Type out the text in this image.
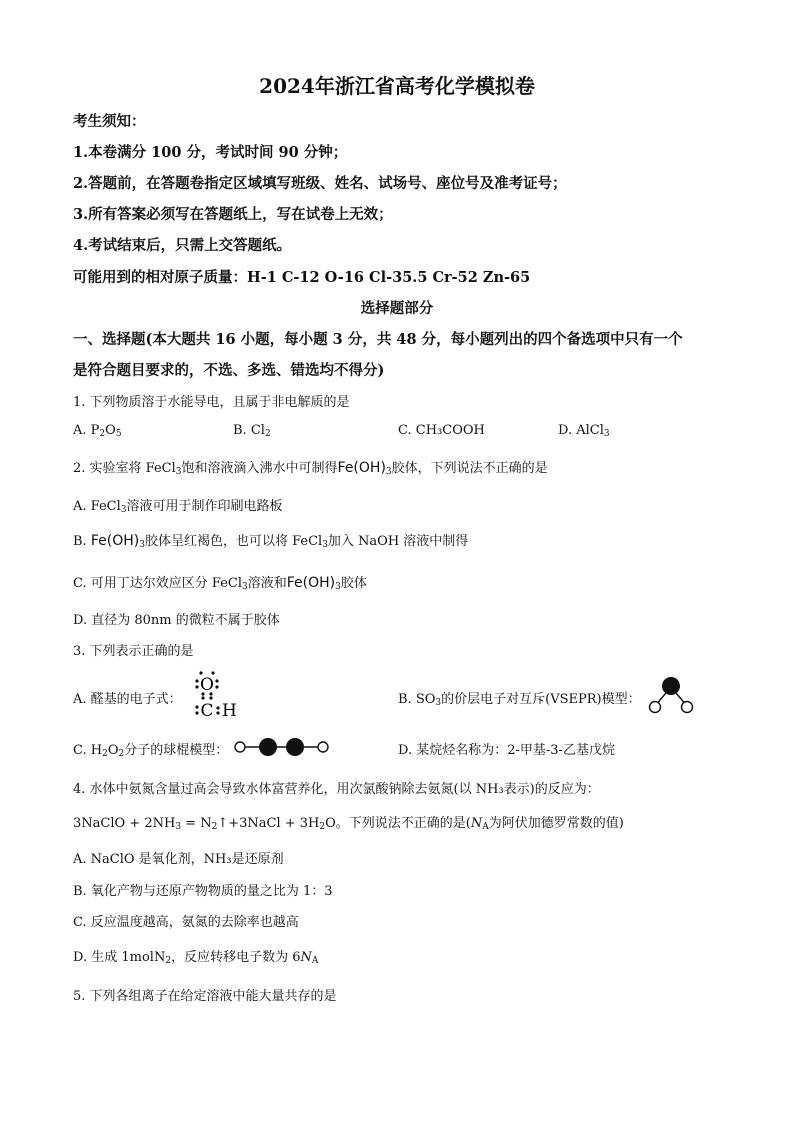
2024年浙江省高考化学模拟卷
考生须知：
1.本卷满分 100 分，考试时间 90 分钟；
2.答题前，在答题卷指定区域填写班级、姓名、试场号、座位号及准考证号；
3.所有答案必须写在答题纸上，写在试卷上无效；
4.考试结束后，只需上交答题纸。
可能用到的相对原子质量：H-1 C-12 O-16 Cl-35.5 Cr-52 Zn-65
选择题部分
一、选择题(本大题共 16 小题，每小题 3 分，共 48 分，每小题列出的四个备选项中只有一个
是符合题目要求的，不选、多选、错选均不得分)
1. 下列物质溶于水能导电，且属于非电解质的是
A. $P_2O_5$	B. $Cl_2$	C. CH₃COOH	D. AlCl$_3$
2. 实验室将 FeCl$_3$饱和溶液滴入沸水中可制得$Fe(OH)_3$胶体，下列说法不正确的是
A. FeCl$_3$溶液可用于制作印刷电路板
B. $Fe(OH)_3$胶体呈红褐色，也可以将 FeCl$_3$加入 NaOH 溶液中制得
C. 可用丁达尔效应区分 FeCl$_3$溶液和$Fe(OH)_3$胶体
D. 直径为 80nm 的微粒不属于胶体
3. 下列表示正确的是
A. 醛基的电子式：
O
C H
B. $SO_3$的价层电子对互斥(VSEPR)模型：
C. $H_2O_2$分子的球棍模型：	D. 某烷烃名称为：2-甲基-3-乙基戊烷
4. 水体中氨氮含量过高会导致水体富营养化，用次氯酸钠除去氨氮(以 NH₃表示)的反应为：
3NaClO + $2NH_3$ = $N_2↑+3NaCl + 3H_2O$。下列说法不正确的是($N_A$为阿伏加德罗常数的值)
A. NaClO 是氧化剂，NH₃是还原剂
B. 氧化产物与还原产物物质的量之比为 1：3
C. 反应温度越高，氨氮的去除率也越高
D. 生成 1molN$_2$，反应转移电子数为 $6N_A$
5. 下列各组离子在给定溶液中能大量共存的是
